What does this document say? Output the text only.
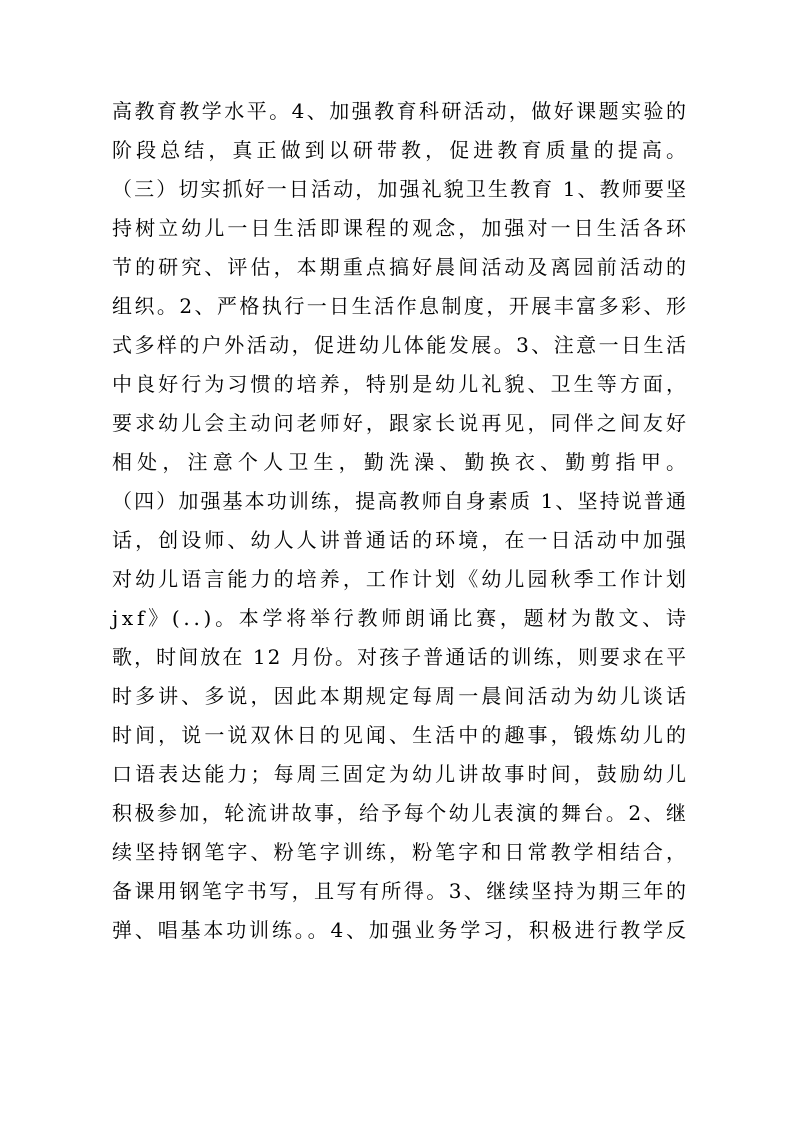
高教育教学水平。4、加强教育科研活动，做好课题实验的
阶段总结，真正做到以研带教，促进教育质量的提高。
（三）切实抓好一日活动，加强礼貌卫生教育 1、教师要坚
持树立幼儿一日生活即课程的观念，加强对一日生活各环
节的研究、评估，本期重点搞好晨间活动及离园前活动的
组织。2、严格执行一日生活作息制度，开展丰富多彩、形
式多样的户外活动，促进幼儿体能发展。3、注意一日生活
中良好行为习惯的培养，特别是幼儿礼貌、卫生等方面，
要求幼儿会主动问老师好，跟家长说再见，同伴之间友好
相处，注意个人卫生，勤洗澡、勤换衣、勤剪指甲。
（四）加强基本功训练，提高教师自身素质 1、坚持说普通
话，创设师、幼人人讲普通话的环境，在一日活动中加强
对幼儿语言能力的培养，工作计划《幼儿园秋季工作计划
jxf》(..)。本学将举行教师朗诵比赛，题材为散文、诗
歌，时间放在 12 月份。对孩子普通话的训练，则要求在平
时多讲、多说，因此本期规定每周一晨间活动为幼儿谈话
时间，说一说双休日的见闻、生活中的趣事，锻炼幼儿的
口语表达能力；每周三固定为幼儿讲故事时间，鼓励幼儿
积极参加，轮流讲故事，给予每个幼儿表演的舞台。2、继
续坚持钢笔字、粉笔字训练，粉笔字和日常教学相结合，
备课用钢笔字书写，且写有所得。3、继续坚持为期三年的
弹、唱基本功训练。。4、加强业务学习，积极进行教学反
